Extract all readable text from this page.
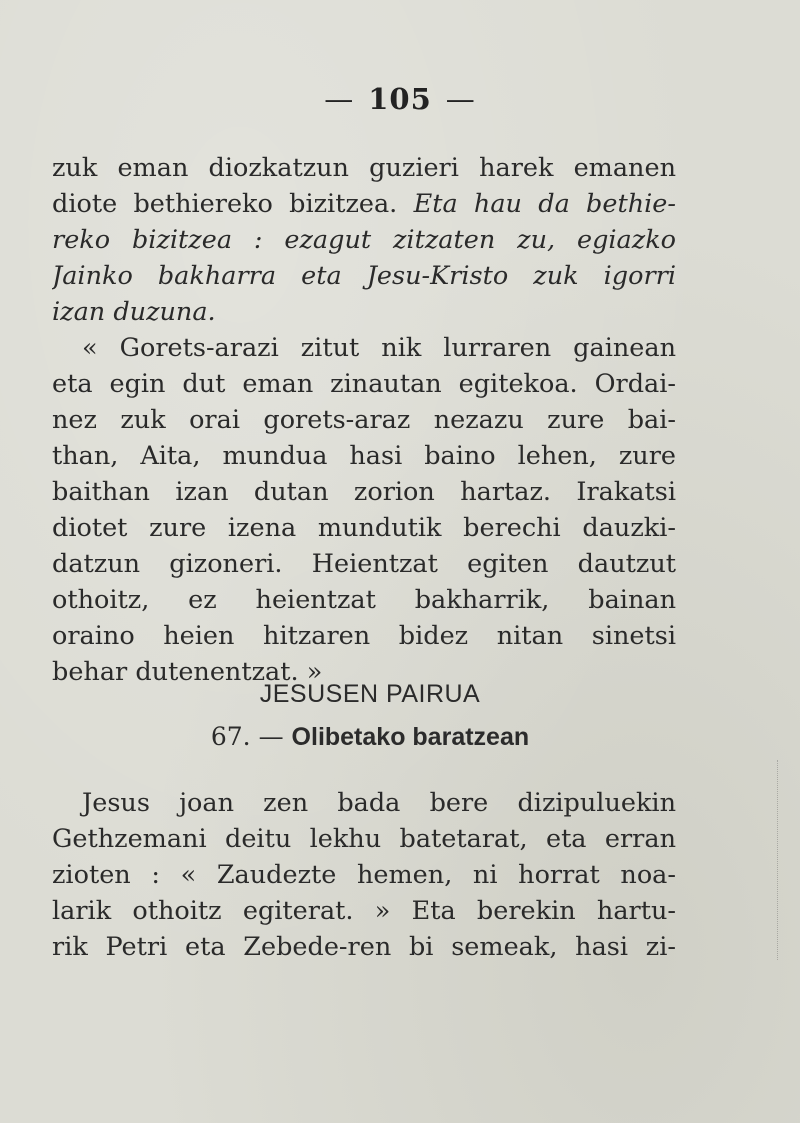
— 105 —
zuk eman diozkatzun guzieri harek emanen
diote bethiereko bizitzea. Eta hau da bethie-
reko bizitzea : ezagut zitzaten zu, egiazko
Jainko bakharra eta Jesu-Kristo zuk igorri
izan duzuna.
« Gorets-arazi zitut nik lurraren gainean
eta egin dut eman zinautan egitekoa. Ordai-
nez zuk orai gorets-araz nezazu zure bai-
than, Aita, mundua hasi baino lehen, zure
baithan izan dutan zorion hartaz. Irakatsi
diotet zure izena mundutik berechi dauzki-
datzun gizoneri. Heientzat egiten dautzut
othoitz, ez heientzat bakharrik, bainan
oraino heien hitzaren bidez nitan sinetsi
behar dutenentzat. »
JESUSEN PAIRUA
67. — Olibetako baratzean
Jesus joan zen bada bere dizipuluekin
Gethzemani deitu lekhu batetarat, eta erran
zioten : « Zaudezte hemen, ni horrat noa-
larik othoitz egiterat. » Eta berekin hartu-
rik Petri eta Zebede-ren bi semeak, hasi zi-
